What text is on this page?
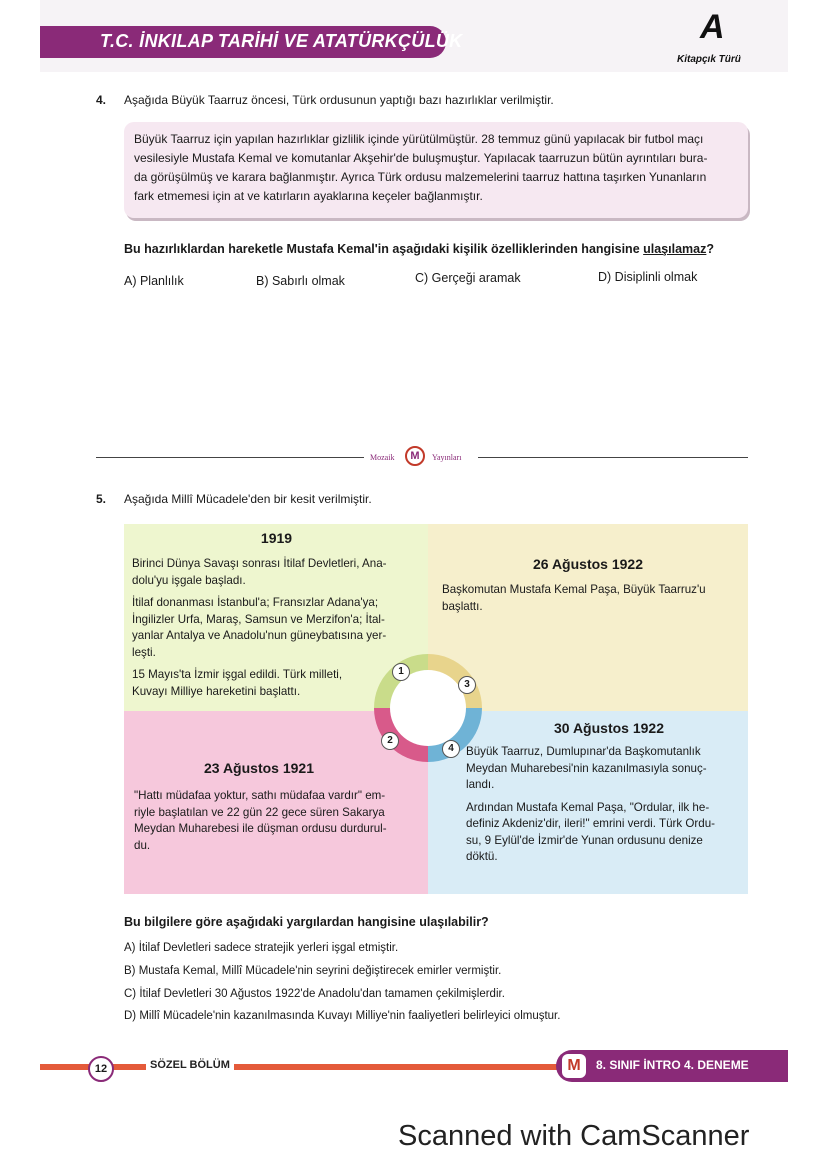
T.C. İNKILAP TARİHİ VE ATATÜRKÇÜLÜK	A
Kitapçık Türü
4. Aşağıda Büyük Taarruz öncesi, Türk ordusunun yaptığı bazı hazırlıklar verilmiştir.
Büyük Taarruz için yapılan hazırlıklar gizlilik içinde yürütülmüştür. 28 temmuz günü yapılacak bir futbol maçı
vesilesiyle Mustafa Kemal ve komutanlar Akşehir'de buluşmuştur. Yapılacak taarruzun bütün ayrıntıları bura-
da görüşülmüş ve karara bağlanmıştır. Ayrıca Türk ordusu malzemelerini taarruz hattına taşırken Yunanların
fark etmemesi için at ve katırların ayaklarına keçeler bağlanmıştır.
Bu hazırlıklardan hareketle Mustafa Kemal'in aşağıdaki kişilik özelliklerinden hangisine ulaşılamaz?
A) Planlılık	B) Sabırlı olmak	C) Gerçeği aramak	D) Disiplinli olmak
Mozaik	M	Yayınları
5. Aşağıda Millî Mücadele'den bir kesit verilmiştir.
1919
Birinci Dünya Savaşı sonrası İtilaf Devletleri, Ana-
dolu'yu işgale başladı.
İtilaf donanması İstanbul'a; Fransızlar Adana'ya;
İngilizler Urfa, Maraş, Samsun ve Merzifon'a; İtal-
yanlar Antalya ve Anadolu'nun güneybatısına yer-
leşti.
15 Mayıs'ta İzmir işgal edildi. Türk milleti,
Kuvayı Milliye hareketini başlattı.
26 Ağustos 1922
Başkomutan Mustafa Kemal Paşa, Büyük Taarruz'u
başlattı.
23 Ağustos 1921
"Hattı müdafaa yoktur, sathı müdafaa vardır" em-
riyle başlatılan ve 22 gün 22 gece süren Sakarya
Meydan Muharebesi ile düşman ordusu durdurul-
du.
30 Ağustos 1922
Büyük Taarruz, Dumlupınar'da Başkomutanlık
Meydan Muharebesi'nin kazanılmasıyla sonuç-
landı.
Ardından Mustafa Kemal Paşa, "Ordular, ilk he-
definiz Akdeniz'dir, ileri!" emrini verdi. Türk Ordu-
su, 9 Eylül'de İzmir'de Yunan ordusunu denize
döktü.
1
2
3
4
Bu bilgilere göre aşağıdaki yargılardan hangisine ulaşılabilir?
A) İtilaf Devletleri sadece stratejik yerleri işgal etmiştir.
B) Mustafa Kemal, Millî Mücadele'nin seyrini değiştirecek emirler vermiştir.
C) İtilaf Devletleri 30 Ağustos 1922'de Anadolu'dan tamamen çekilmişlerdir.
D) Millî Mücadele'nin kazanılmasında Kuvayı Milliye'nin faaliyetleri belirleyici olmuştur.
12	SÖZEL BÖLÜM	M	8. SINIF İNTRO 4. DENEME
Scanned with CamScanner
